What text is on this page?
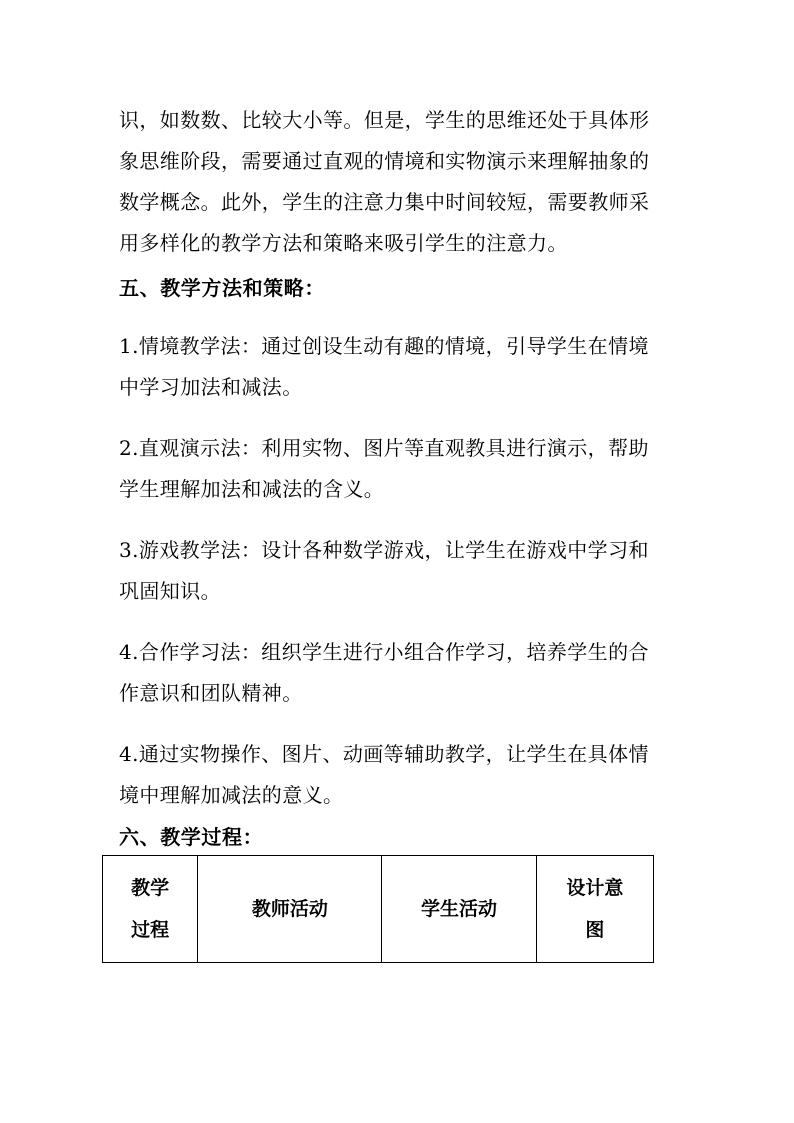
识，如数数、比较大小等。但是，学生的思维还处于具体形
象思维阶段，需要通过直观的情境和实物演示来理解抽象的
数学概念。此外，学生的注意力集中时间较短，需要教师采
用多样化的教学方法和策略来吸引学生的注意力。
五、教学方法和策略：
1.情境教学法：通过创设生动有趣的情境，引导学生在情境
中学习加法和减法。
2.直观演示法：利用实物、图片等直观教具进行演示，帮助
学生理解加法和减法的含义。
3.游戏教学法：设计各种数学游戏，让学生在游戏中学习和
巩固知识。
4.合作学习法：组织学生进行小组合作学习，培养学生的合
作意识和团队精神。
4.通过实物操作、图片、动画等辅助教学，让学生在具体情
境中理解加减法的意义。
六、教学过程：
教学过程	教师活动	学生活动	设计意图
